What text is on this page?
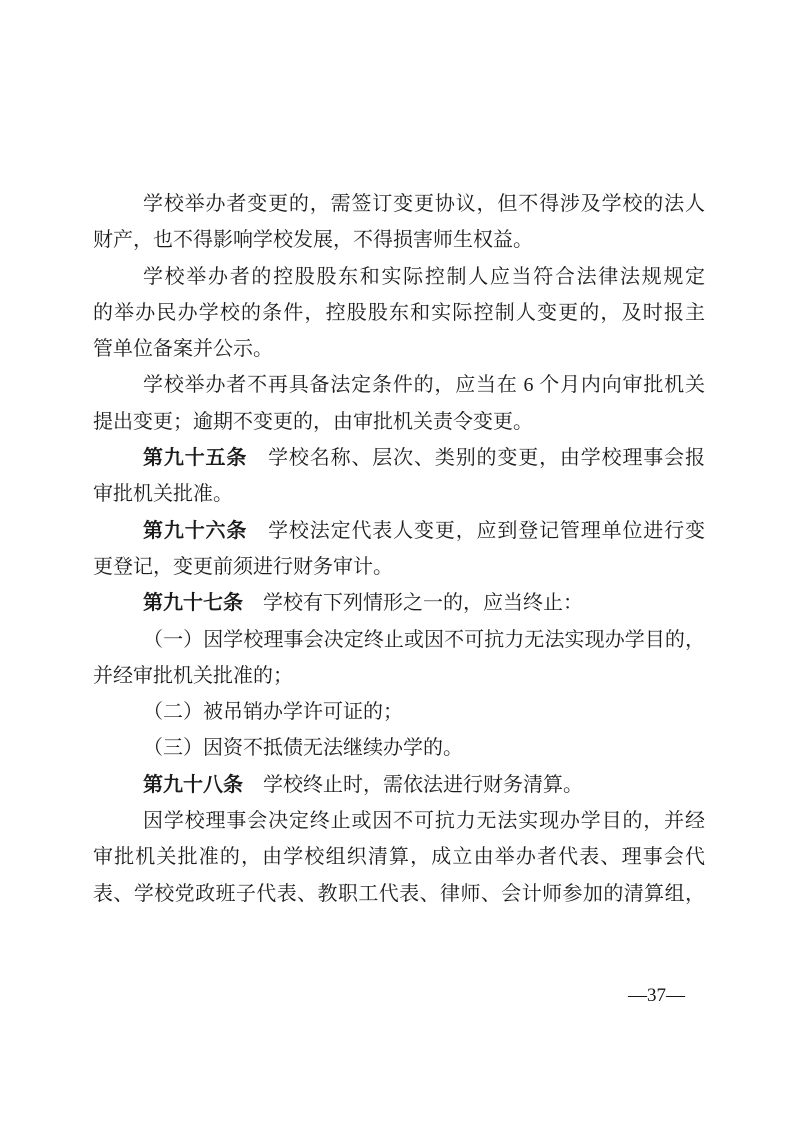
学校举办者变更的，需签订变更协议，但不得涉及学校的法人
财产，也不得影响学校发展，不得损害师生权益。
学校举办者的控股股东和实际控制人应当符合法律法规规定
的举办民办学校的条件，控股股东和实际控制人变更的，及时报主
管单位备案并公示。
学校举办者不再具备法定条件的，应当在 6 个月内向审批机关
提出变更；逾期不变更的，由审批机关责令变更。
第九十五条　学校名称、层次、类别的变更，由学校理事会报
审批机关批准。
第九十六条　学校法定代表人变更，应到登记管理单位进行变
更登记，变更前须进行财务审计。
第九十七条　学校有下列情形之一的，应当终止：
（一）因学校理事会决定终止或因不可抗力无法实现办学目的，
并经审批机关批准的；
（二）被吊销办学许可证的；
（三）因资不抵债无法继续办学的。
第九十八条　学校终止时，需依法进行财务清算。
因学校理事会决定终止或因不可抗力无法实现办学目的，并经
审批机关批准的，由学校组织清算，成立由举办者代表、理事会代
表、学校党政班子代表、教职工代表、律师、会计师参加的清算组，
—37—
